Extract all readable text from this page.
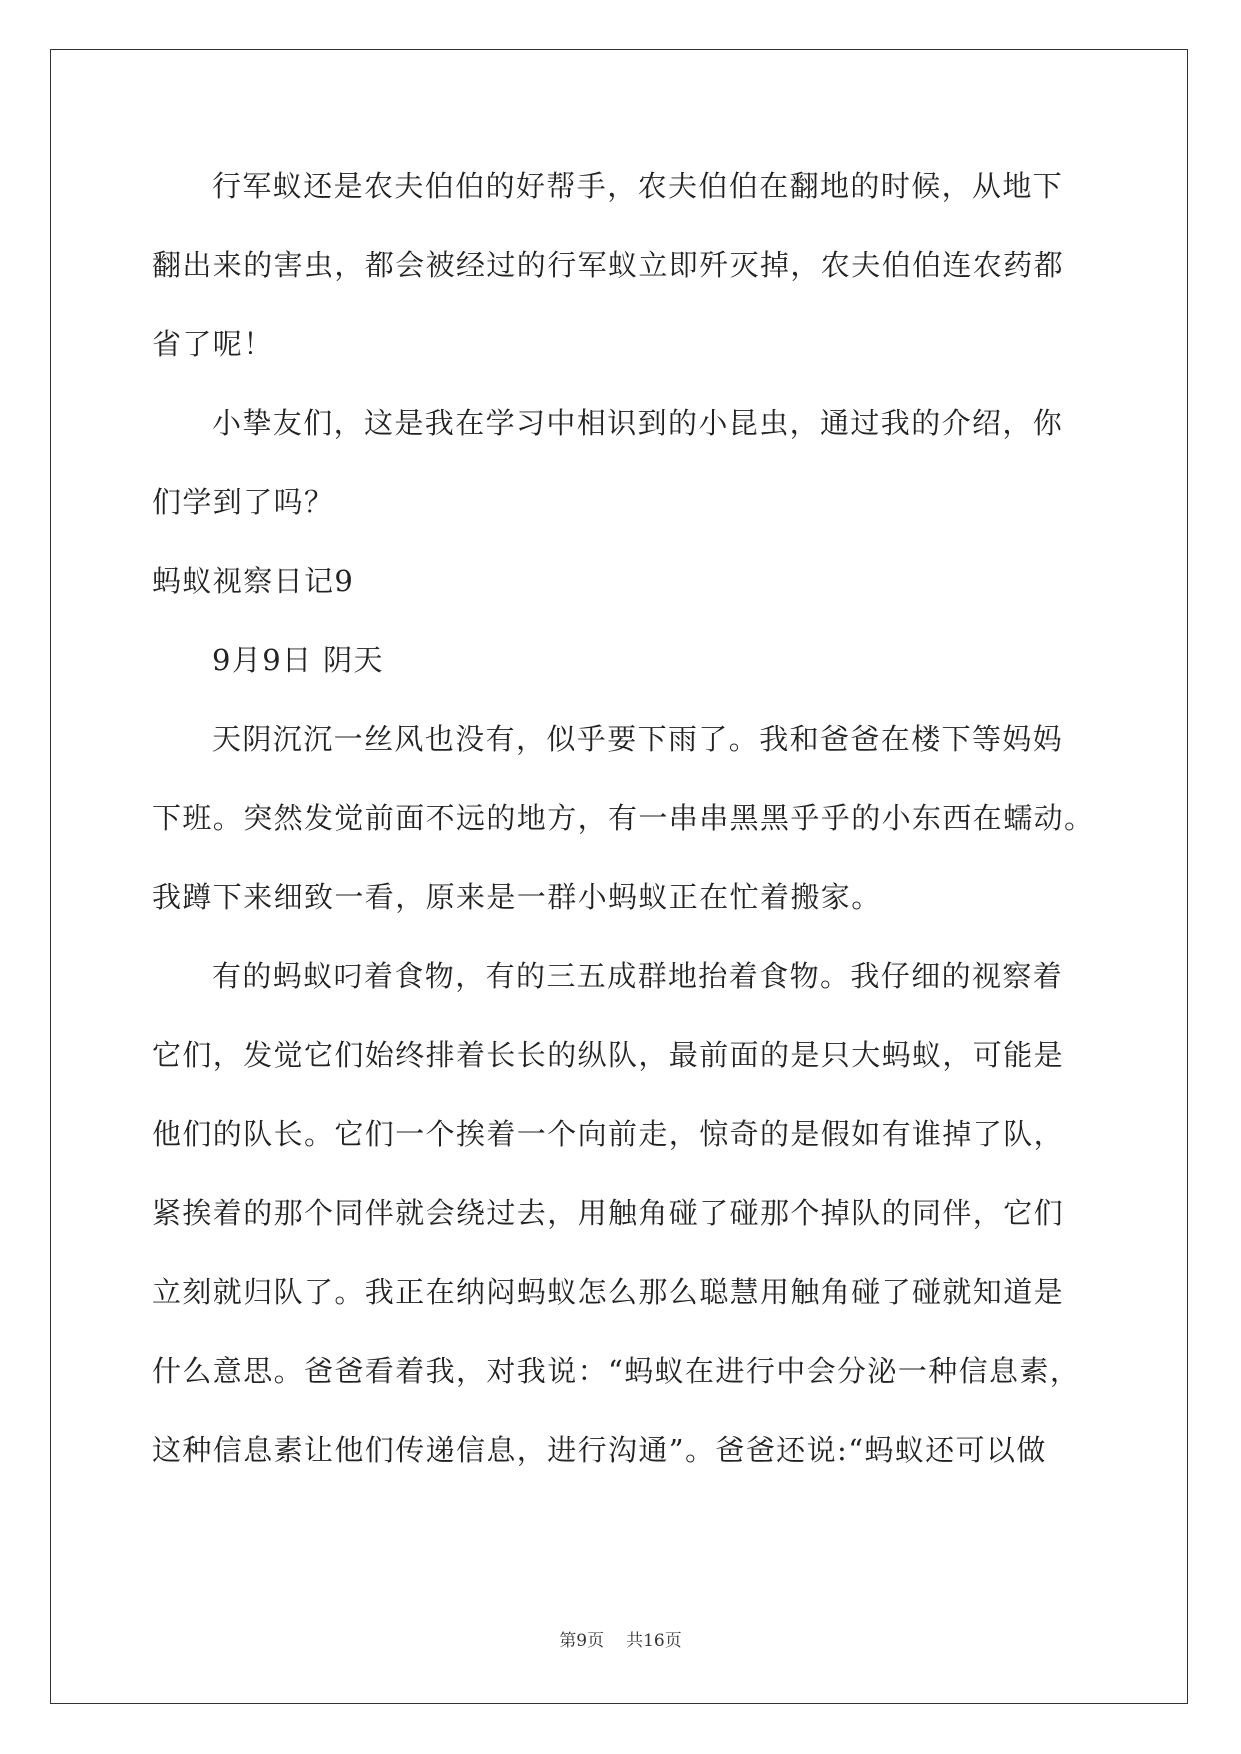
行军蚁还是农夫伯伯的好帮手，农夫伯伯在翻地的时候，从地下
翻出来的害虫，都会被经过的行军蚁立即歼灭掉，农夫伯伯连农药都
省了呢！
小挚友们，这是我在学习中相识到的小昆虫，通过我的介绍，你
们学到了吗？
蚂蚁视察日记9
9月9日 阴天
天阴沉沉一丝风也没有，似乎要下雨了。我和爸爸在楼下等妈妈
下班。突然发觉前面不远的地方，有一串串黑黑乎乎的小东西在蠕动。
我蹲下来细致一看，原来是一群小蚂蚁正在忙着搬家。
有的蚂蚁叼着食物，有的三五成群地抬着食物。我仔细的视察着
它们，发觉它们始终排着长长的纵队，最前面的是只大蚂蚁，可能是
他们的队长。它们一个挨着一个向前走，惊奇的是假如有谁掉了队，
紧挨着的那个同伴就会绕过去，用触角碰了碰那个掉队的同伴，它们
立刻就归队了。我正在纳闷蚂蚁怎么那么聪慧用触角碰了碰就知道是
什么意思。爸爸看着我，对我说：“蚂蚁在进行中会分泌一种信息素，
这种信息素让他们传递信息，进行沟通”。爸爸还说:“蚂蚁还可以做
第9页 共16页
